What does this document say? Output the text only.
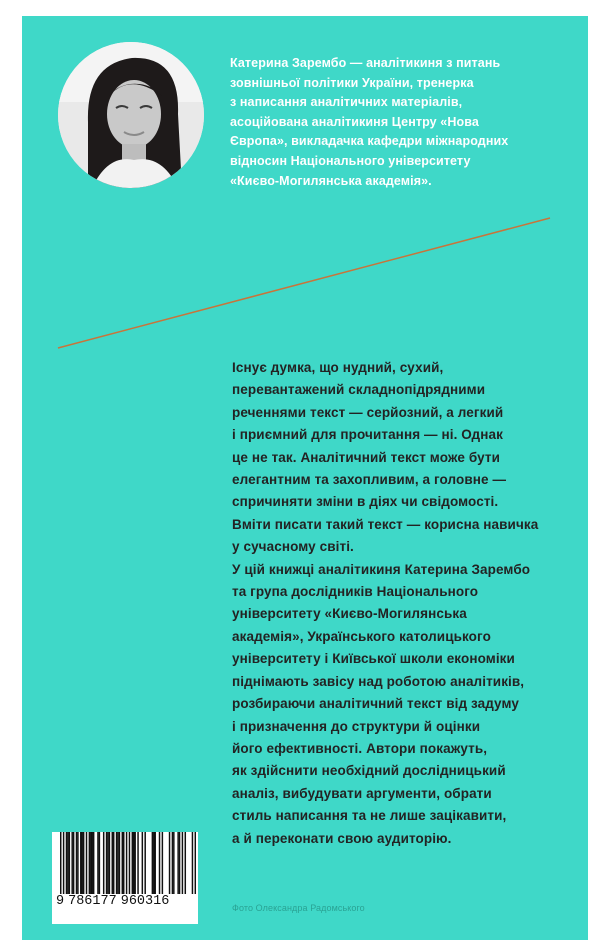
Катерина Зарембо — аналітикиня з питань
зовнішньої політики України, тренерка
з написання аналітичних матеріалів,
асоційована аналітикиня Центру «Нова
Європа», викладачка кафедри міжнародних
відносин Національного університету
«Києво-Могилянська академія».
Існує думка, що нудний, сухий,
перевантажений складнопідрядними
реченнями текст — серйозний, а легкий
і приємний для прочитання — ні. Однак
це не так. Аналітичний текст може бути
елегантним та захопливим, а головне —
спричиняти зміни в діях чи свідомості.
Вміти писати такий текст — корисна навичка
у сучасному світі.
У цій книжці аналітикиня Катерина Зарембо
та група дослідників Національного
університету «Києво-Могилянська
академія», Українського католицького
університету і Київської школи економіки
піднімають завісу над роботою аналітиків,
розбираючи аналітичний текст від задуму
і призначення до структури й оцінки
його ефективності. Автори покажуть,
як здійснити необхідний дослідницький
аналіз, вибудувати аргументи, обрати
стиль написання та не лише зацікавити,
а й переконати свою аудиторію.
9 786177 960316	Фото Олександра Радомського
